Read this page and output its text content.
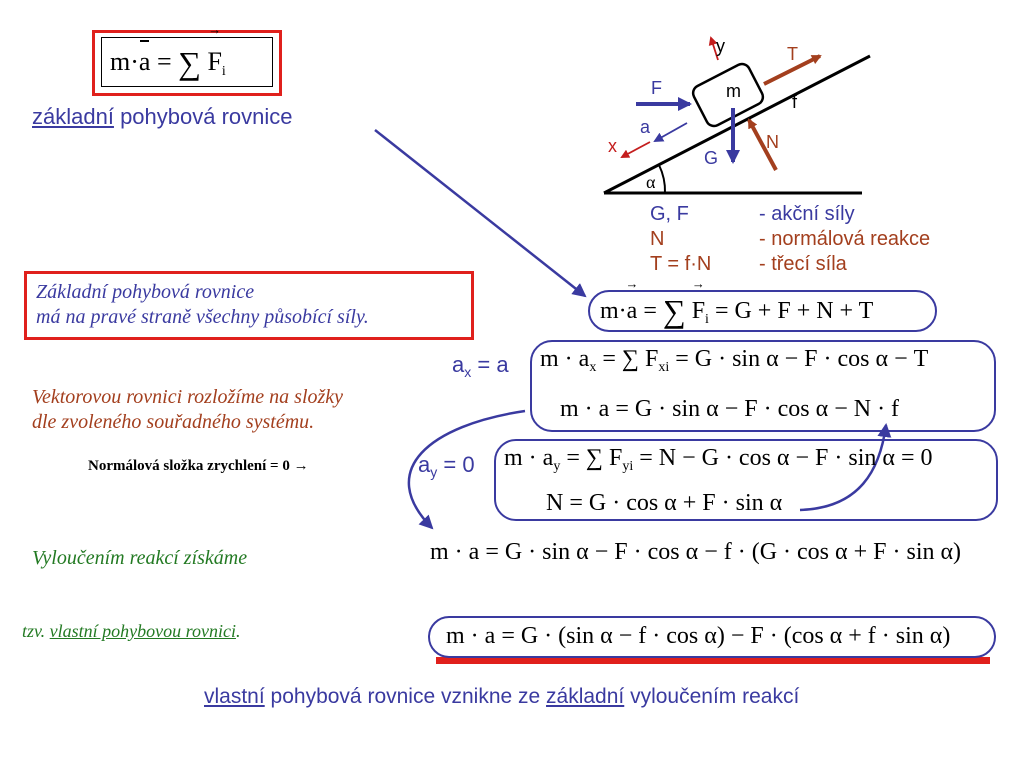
m·a = ∑ → $F_i$
základní pohybová rovnice
y	T
F	m
f
a
x
G
N
α
G, F	- akční síly
N	- normálová reakce
T = f·N - třecí síla
Základní pohybová rovnice
má na pravé straně všechny působící síly.
Vektorovou rovnici rozložíme na složky
dle zvoleného souřadného systému.
Normálová složka zrychlení = 0 →
Vyloučením reakcí získáme
tzv. vlastní pohybovou rovnici.
m·→ a = ∑ → $F_i = G + F + N + T$
$a_x = a$ $m \cdot a_x$ = ∑ $F_{xi} = G \cdot \sin \alpha - F \cdot \cos \alpha - T$
m · a = G · sin α − F · cos α − N · f
$a_y = 0$ $m \cdot a_y$ = ∑ $F_{yi} = N - G \cdot \cos \alpha - F \cdot \sin \alpha = 0$
N = G · cos α + F · sin α
m · a = G · sin α − F · cos α − f · (G · cos α + F · sin α)
m · a = G · (sin α − f · cos α) − F · (cos α + f · sin α)
vlastní pohybová rovnice vznikne ze základní vyloučením reakcí
